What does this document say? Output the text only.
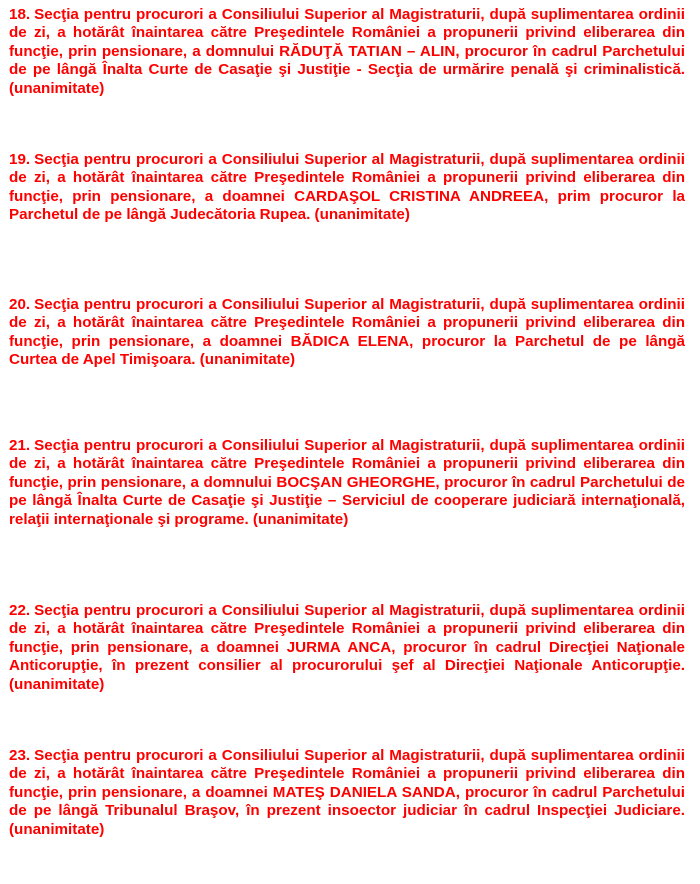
18. Secţia pentru procurori a Consiliului Superior al Magistraturii, după suplimentarea ordinii de zi, a hotărât înaintarea către Preşedintele României a propunerii privind eliberarea din funcţie, prin pensionare, a domnului RĂDUŢĂ TATIAN – ALIN, procuror în cadrul Parchetului de pe lângă Înalta Curte de Casaţie şi Justiţie - Secţia de urmărire penală şi criminalistică. (unanimitate)

19. Secţia pentru procurori a Consiliului Superior al Magistraturii, după suplimentarea ordinii de zi, a hotărât înaintarea către Preşedintele României a propunerii privind eliberarea din funcţie, prin pensionare, a doamnei CARDAŞOL CRISTINA ANDREEA, prim procuror la Parchetul de pe lângă Judecătoria Rupea. (unanimitate)

20. Secţia pentru procurori a Consiliului Superior al Magistraturii, după suplimentarea ordinii de zi, a hotărât înaintarea către Preşedintele României a propunerii privind eliberarea din funcţie, prin pensionare, a doamnei BĂDICA ELENA, procuror la Parchetul de pe lângă Curtea de Apel Timişoara. (unanimitate)

21. Secţia pentru procurori a Consiliului Superior al Magistraturii, după suplimentarea ordinii de zi, a hotărât înaintarea către Preşedintele României a propunerii privind eliberarea din funcţie, prin pensionare, a domnului BOCŞAN GHEORGHE, procuror în cadrul Parchetului de pe lângă Înalta Curte de Casaţie şi Justiţie – Serviciul de cooperare judiciară internaţională, relaţii internaţionale şi programe. (unanimitate)

22. Secţia pentru procurori a Consiliului Superior al Magistraturii, după suplimentarea ordinii de zi, a hotărât înaintarea către Preşedintele României a propunerii privind eliberarea din funcţie, prin pensionare, a doamnei JURMA ANCA, procuror în cadrul Direcţiei Naţionale Anticorupţie, în prezent consilier al procurorului şef al Direcţiei Naţionale Anticorupţie. (unanimitate)

23. Secţia pentru procurori a Consiliului Superior al Magistraturii, după suplimentarea ordinii de zi, a hotărât înaintarea către Preşedintele României a propunerii privind eliberarea din funcţie, prin pensionare, a doamnei MATEŞ DANIELA SANDA, procuror în cadrul Parchetului de pe lângă Tribunalul Braşov, în prezent insoector judiciar în cadrul Inspecţiei Judiciare. (unanimitate)
